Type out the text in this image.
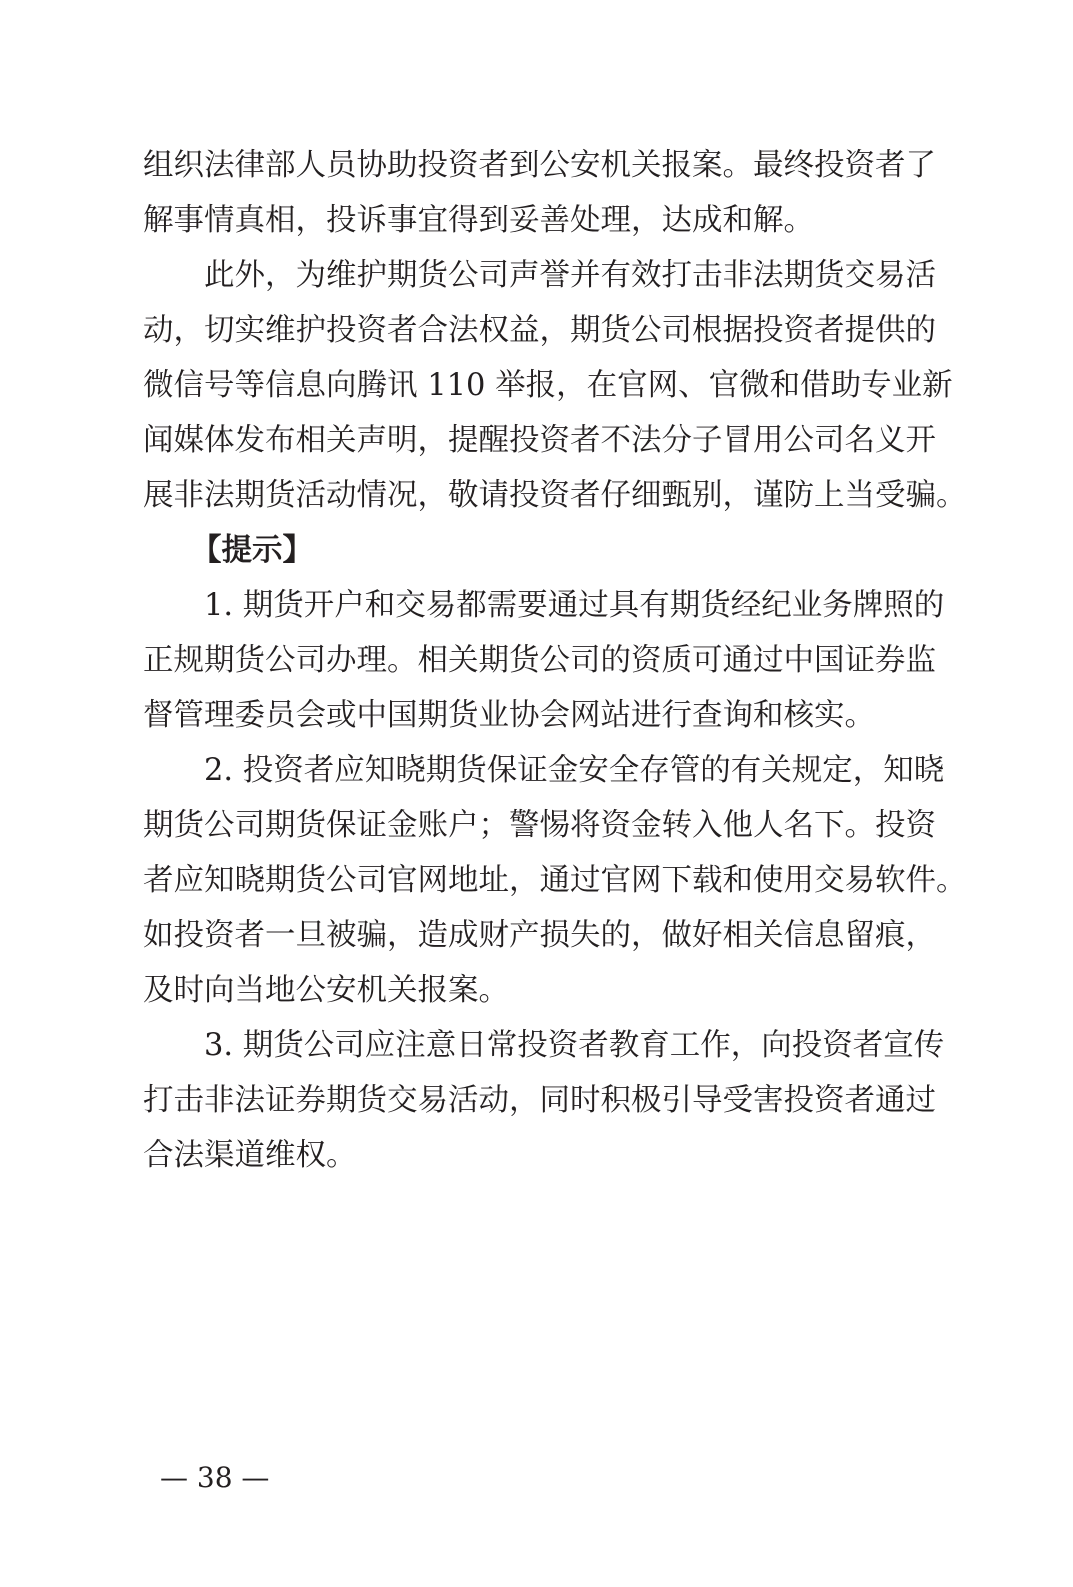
组织法律部人员协助投资者到公安机关报案。最终投资者了
解事情真相，投诉事宜得到妥善处理，达成和解。

此外，为维护期货公司声誉并有效打击非法期货交易活
动，切实维护投资者合法权益，期货公司根据投资者提供的
微信号等信息向腾讯 110 举报，在官网、官微和借助专业新
闻媒体发布相关声明，提醒投资者不法分子冒用公司名义开
展非法期货活动情况，敬请投资者仔细甄别，谨防上当受骗。

【提示】

1. 期货开户和交易都需要通过具有期货经纪业务牌照的
正规期货公司办理。相关期货公司的资质可通过中国证券监
督管理委员会或中国期货业协会网站进行查询和核实。

2. 投资者应知晓期货保证金安全存管的有关规定，知晓
期货公司期货保证金账户；警惕将资金转入他人名下。投资
者应知晓期货公司官网地址，通过官网下载和使用交易软件。
如投资者一旦被骗，造成财产损失的，做好相关信息留痕，
及时向当地公安机关报案。

3. 期货公司应注意日常投资者教育工作，向投资者宣传
打击非法证券期货交易活动，同时积极引导受害投资者通过
合法渠道维权。

— 38 —
